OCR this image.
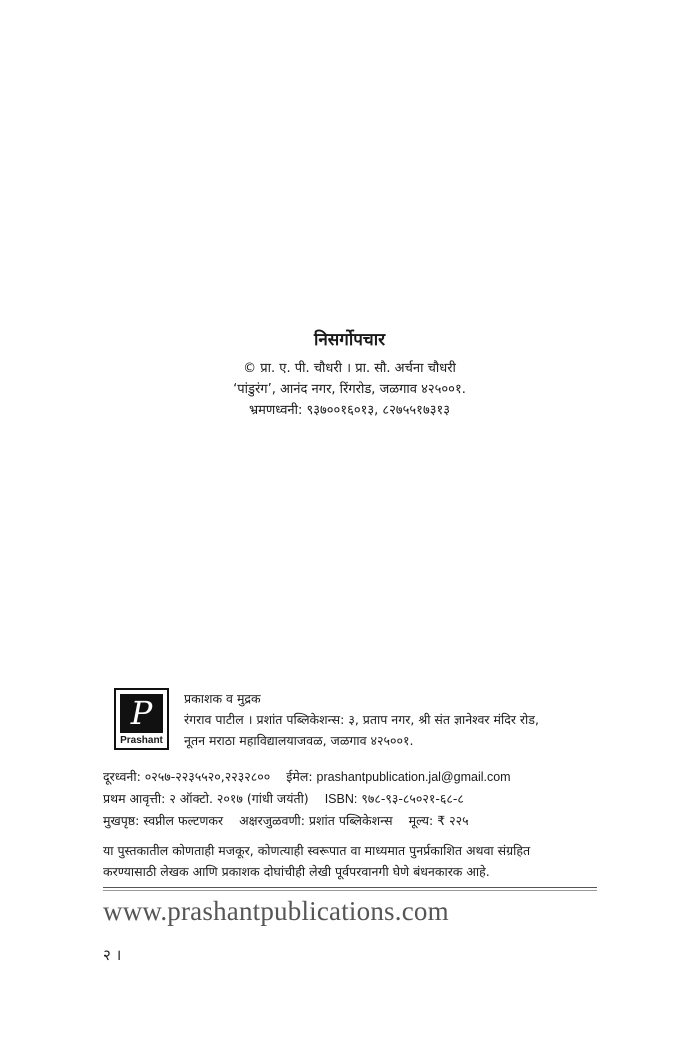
निसर्गोपचार
© प्रा. ए. पी. चौधरी । प्रा. सौ. अर्चना चौधरी
‘पांडुरंग’, आनंद नगर, रिंगरोड, जळगाव ४२५००१.
भ्रमणध्वनी: ९३७००१६०१३, ८२७५५१७३१३
P
Prashant
प्रकाशक व मुद्रक
रंगराव पाटील । प्रशांत पब्लिकेशन्स: ३, प्रताप नगर, श्री संत ज्ञानेश्वर मंदिर रोड,
नूतन मराठा महाविद्यालयाजवळ, जळगाव ४२५००१.
दूरध्वनी: ०२५७-२२३५५२०,२२३२८०० ईमेल: prashantpublication.jal@gmail.com
प्रथम आवृत्ती: २ ऑक्टो. २०१७ (गांधी जयंती) ISBN: ९७८-९३-८५०२१-६८-८
मुखपृष्ठ: स्वप्नील फल्टणकर अक्षरजुळवणी: प्रशांत पब्लिकेशन्स मूल्य: ₹ २२५
या पुस्तकातील कोणताही मजकूर, कोणत्याही स्वरूपात वा माध्यमात पुनर्प्रकाशित अथवा संग्रहित
करण्यासाठी लेखक आणि प्रकाशक दोघांचीही लेखी पूर्वपरवानगी घेणे बंधनकारक आहे.
www.prashantpublications.com
२ ।
